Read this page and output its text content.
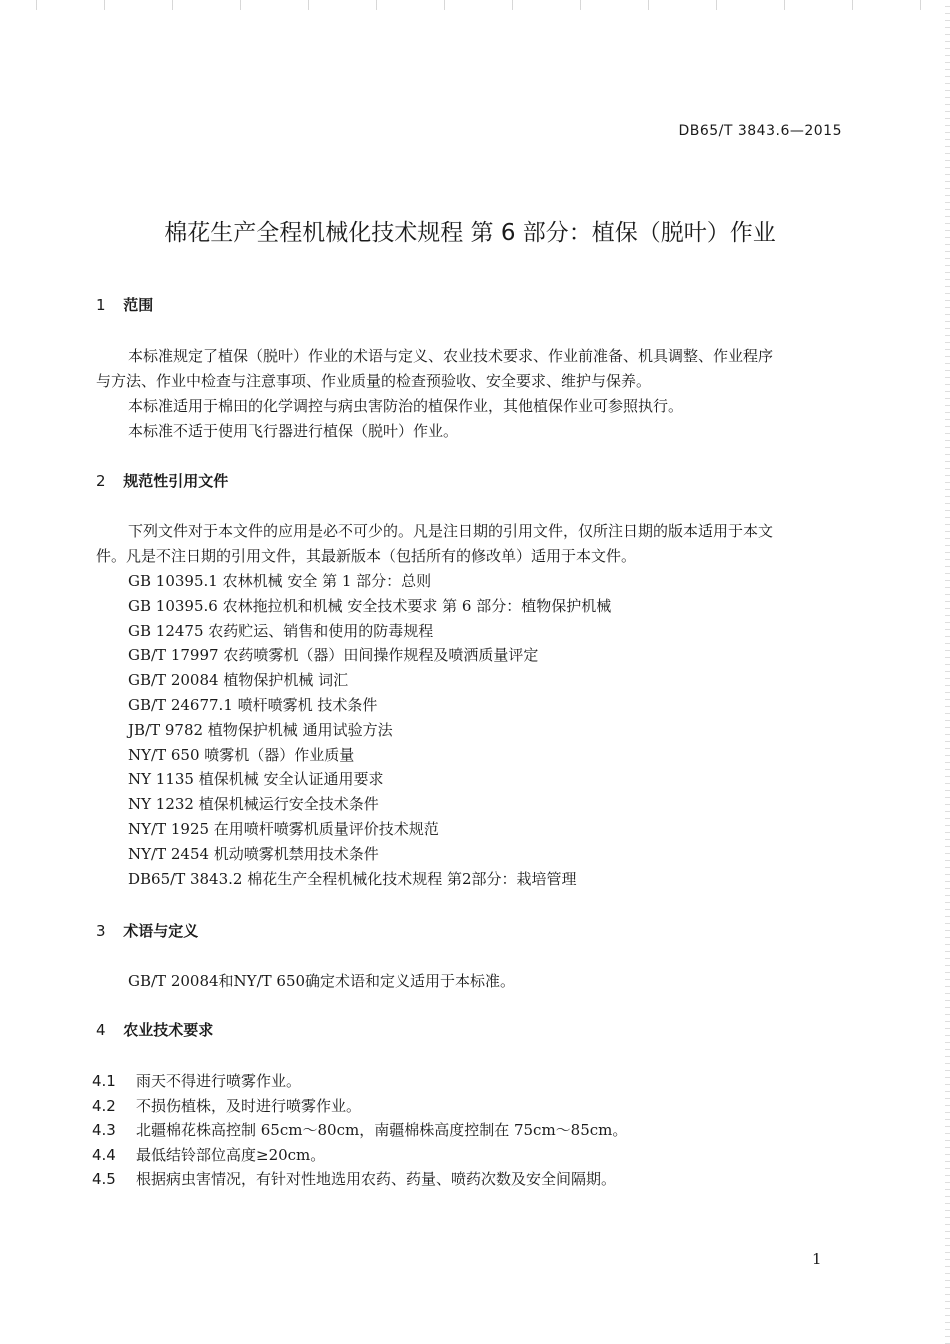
DB65/T 3843.6—2015
棉花生产全程机械化技术规程 第 6 部分：植保（脱叶）作业
1 范围
本标准规定了植保（脱叶）作业的术语与定义、农业技术要求、作业前准备、机具调整、作业程序
与方法、作业中检查与注意事项、作业质量的检查预验收、安全要求、维护与保养。
本标准适用于棉田的化学调控与病虫害防治的植保作业，其他植保作业可参照执行。
本标准不适于使用飞行器进行植保（脱叶）作业。
2 规范性引用文件
下列文件对于本文件的应用是必不可少的。凡是注日期的引用文件，仅所注日期的版本适用于本文
件。凡是不注日期的引用文件，其最新版本（包括所有的修改单）适用于本文件。
GB 10395.1 农林机械 安全 第 1 部分：总则
GB 10395.6 农林拖拉机和机械 安全技术要求 第 6 部分：植物保护机械
GB 12475 农药贮运、销售和使用的防毒规程
GB/T 17997 农药喷雾机（器）田间操作规程及喷洒质量评定
GB/T 20084 植物保护机械 词汇
GB/T 24677.1 喷杆喷雾机 技术条件
JB/T 9782 植物保护机械 通用试验方法
NY/T 650 喷雾机（器）作业质量
NY 1135 植保机械 安全认证通用要求
NY 1232 植保机械运行安全技术条件
NY/T 1925 在用喷杆喷雾机质量评价技术规范
NY/T 2454 机动喷雾机禁用技术条件
DB65/T 3843.2 棉花生产全程机械化技术规程 第2部分：栽培管理
3 术语与定义
GB/T 20084和NY/T 650确定术语和定义适用于本标准。
4 农业技术要求
4.1 雨天不得进行喷雾作业。
4.2 不损伤植株，及时进行喷雾作业。
4.3 北疆棉花株高控制 65cm～80cm，南疆棉株高度控制在 75cm～85cm。
4.4 最低结铃部位高度≥20cm。
4.5 根据病虫害情况，有针对性地选用农药、药量、喷药次数及安全间隔期。
1
